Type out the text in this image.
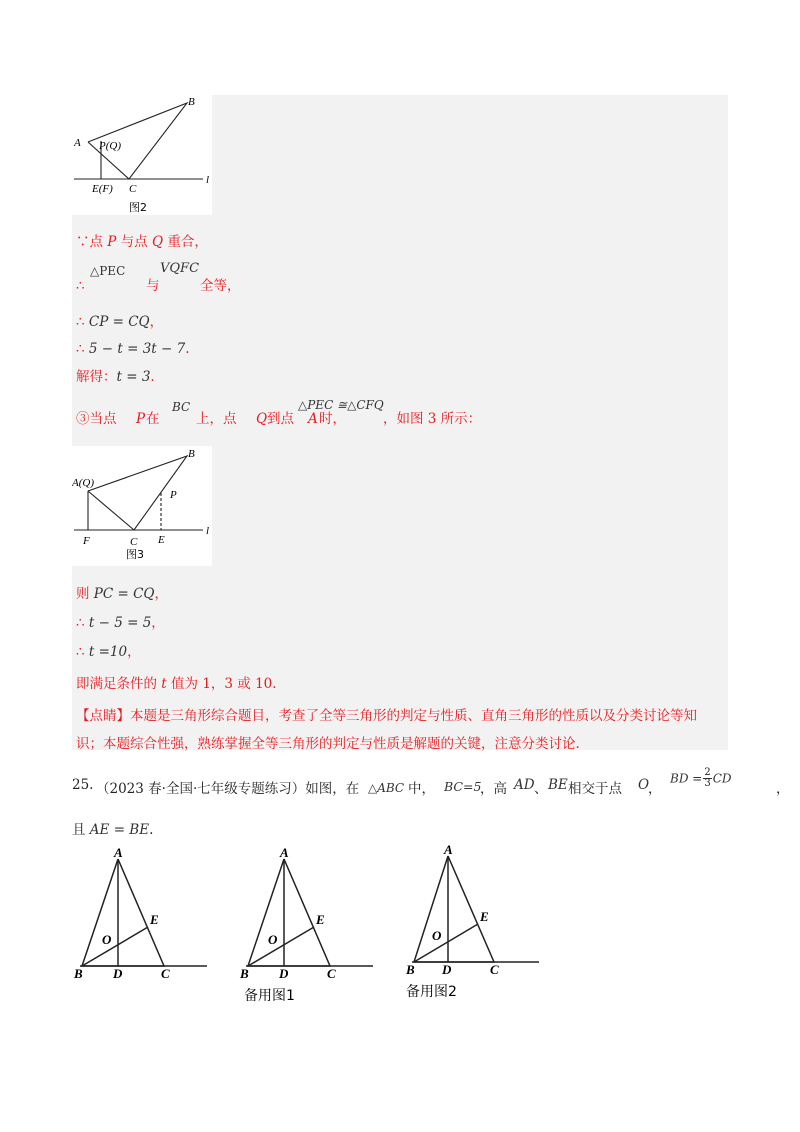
A
B
P(Q)
E(F) C
l
图2
∵点 P 与点 Q 重合，
∴
△PEC
与
VQFC
全等，
∴ CP = CQ，
∴ 5 − t = 3t − 7.
解得：t = 3.
③当点 P 在
BC
上，点 Q 到点 A 时，
△PEC ≅△CFQ
，如图 3 所示：
A(Q)
B
P
F	C E
l
图3
则 PC = CQ，
∴ t − 5 = 5，
∴ t =10，
即满足条件的 t 值为 1，3 或 10.
【点睛】本题是三角形综合题目，考查了全等三角形的判定与性质、直角三角形的性质以及分类讨论等知
识；本题综合性强，熟练掌握全等三角形的判定与性质是解题的关键，注意分类讨论.
25. （2023 春·全国·七年级专题练习）如图，在 △ABC 中， BC=5
，高 AD 、 BE 相交于点 O
，
BD = $\frac{2}{3}$ CD
，
且 AE = BE.
A
B D	C
E
O
A
B D	C
E
O
备用图1
A
B D	C
E
O
备用图2
